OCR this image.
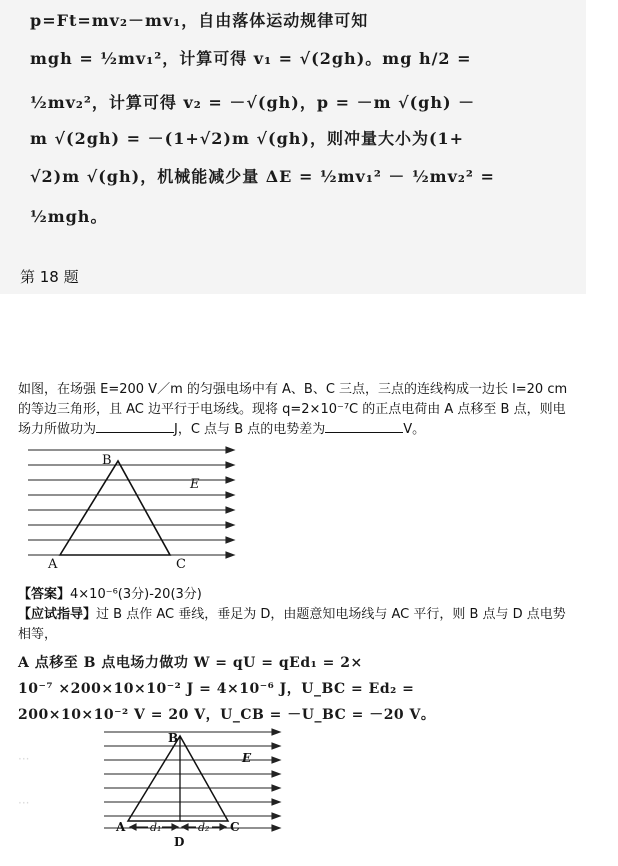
p=Ft=mv₂－mv₁，自由落体运动规律可知
mgh = ½mv₁²，计算可得 v₁ = √(2gh)。mg h/2 =
½mv₂²，计算可得 v₂ = －√(gh)，p = －m √(gh) －
m √(2gh) = －(1+√2)m √(gh)，则冲量大小为(1+
√2)m √(gh)，机械能减少量 ΔE = ½mv₁² － ½mv₂² =
½mgh。
第 18 题
如图，在场强 E=200 V／m 的匀强电场中有 A、B、C 三点，三点的连线构成一边长 l=20 cm
的等边三角形，且 AC 边平行于电场线。现将 q=2×10⁻⁷C 的正点电荷由 A 点移至 B 点，则电
场力所做功为	J，C 点与 B 点的电势差为	V。
B
A	C
E
【答案】4×10⁻⁶(3分)-20(3分)
【应试指导】过 B 点作 AC 垂线，垂足为 D，由题意知电场线与 AC 平行，则 B 点与 D 点电势
相等，
A 点移至 B 点电场力做功 W = qU = qEd₁ = 2×
10⁻⁷ ×200×10×10⁻² J = 4×10⁻⁶ J，U_BC = Ed₂ =
200×10×10⁻² V = 20 V，U_CB = －U_BC = －20 V。
···
···
B
A	C
D
E
d₁	d₂
